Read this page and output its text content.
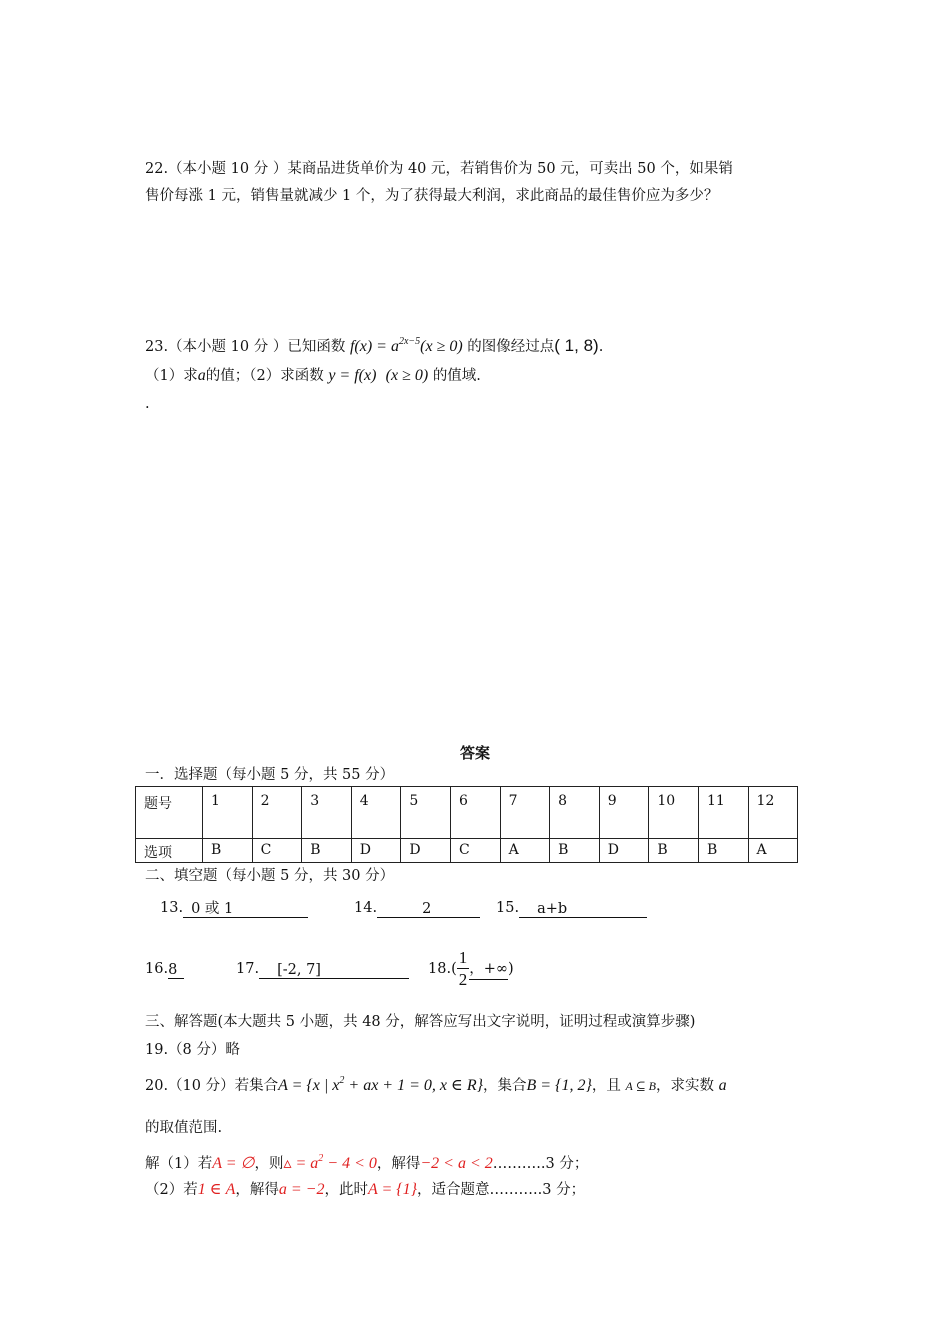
22.（本小题 10 分 ）某商品进货单价为 40 元，若销售价为 50 元，可卖出 50 个，如果销
售价每涨 1 元，销售量就减少 1 个，为了获得最大利润，求此商品的最佳售价应为多少？
23.（本小题 10 分 ）已知函数 $f(x) = a^{2x-5}(x \ge 0)$ 的图像经过点( 1, 8).
（1）求a的值；（2）求函数 y = f(x) (x ≥ 0) 的值域.
.
答案
一．选择题（每小题 5 分，共 55 分）
题号	1	2	3	4	5	6	7	8	9	10	11	12
选项	B	C	B	D	D	C	A	B	D	B	B	A
二、填空题（每小题 5 分，共 30 分）
13. 0 或 1	14.	2	15. a+b
16.8	17. [-2, 7]	$18.( \frac{1}{2}$ ，+∞)
三、解答题(本大题共 5 小题，共 48 分，解答应写出文字说明，证明过程或演算步骤)
19.（8 分）略
20.（10 分）若集合A = {x | $x^2$ + ax + 1 = 0, x ∈ R}，集合B = {1, 2}，且 A ⊆ B，求实数 a
的取值范围.
解（1）若A = ∅，则▵ = $a^2 - 4 < 0$，解得−2 < a < 2………..3 分；
（2）若1 ∈ A，解得a = −2，此时A = {1}，适合题意………..3 分；
